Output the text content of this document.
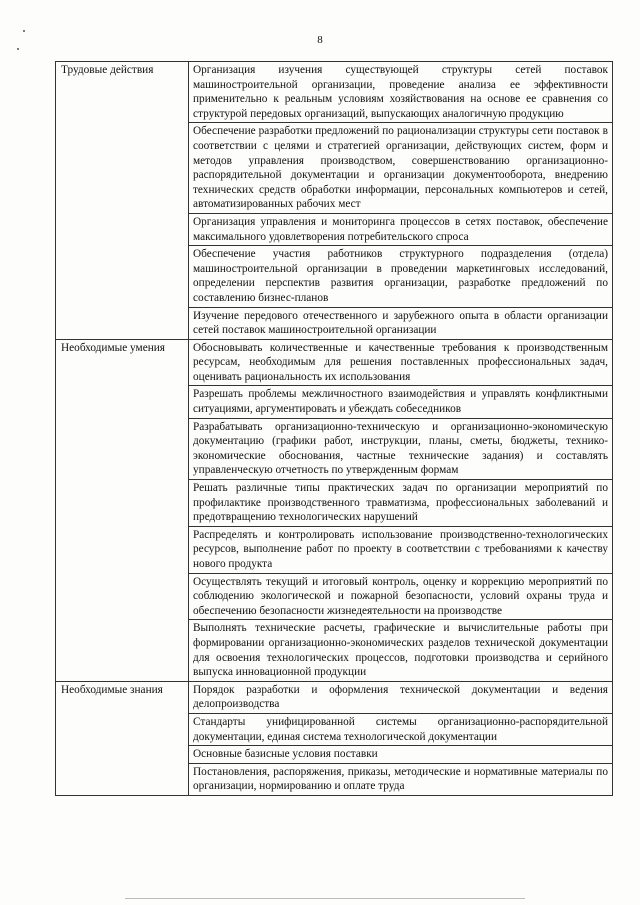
8
Трудовые действия	Организация изучения существующей структуры сетей поставок машиностроительной организации, проведение анализа ее эффективности применительно к реальным условиям хозяйствования на основе ее сравнения со структурой передовых организаций, выпускающих аналогичную продукцию
	Обеспечение разработки предложений по рационализации структуры сети поставок в соответствии с целями и стратегией организации, действующих систем, форм и методов управления производством, совершенствованию организационно-распорядительной документации и организации документооборота, внедрению технических средств обработки информации, персональных компьютеров и сетей, автоматизированных рабочих мест
	Организация управления и мониторинга процессов в сетях поставок, обеспечение максимального удовлетворения потребительского спроса
	Обеспечение участия работников структурного подразделения (отдела) машиностроительной организации в проведении маркетинговых исследований, определении перспектив развития организации, разработке предложений по составлению бизнес-планов
	Изучение передового отечественного и зарубежного опыта в области организации сетей поставок машиностроительной организации
Необходимые умения	Обосновывать количественные и качественные требования к производственным ресурсам, необходимым для решения поставленных профессиональных задач, оценивать рациональность их использования
	Разрешать проблемы межличностного взаимодействия и управлять конфликтными ситуациями, аргументировать и убеждать собеседников
	Разрабатывать организационно-техническую и организационно-экономическую документацию (графики работ, инструкции, планы, сметы, бюджеты, технико-экономические обоснования, частные технические задания) и составлять управленческую отчетность по утвержденным формам
	Решать различные типы практических задач по организации мероприятий по профилактике производственного травматизма, профессиональных заболеваний и предотвращению технологических нарушений
	Распределять и контролировать использование производственно-технологических ресурсов, выполнение работ по проекту в соответствии с требованиями к качеству нового продукта
	Осуществлять текущий и итоговый контроль, оценку и коррекцию мероприятий по соблюдению экологической и пожарной безопасности, условий охраны труда и обеспечению безопасности жизнедеятельности на производстве
	Выполнять технические расчеты, графические и вычислительные работы при формировании организационно-экономических разделов технической документации для освоения технологических процессов, подготовки производства и серийного выпуска инновационной продукции
Необходимые знания	Порядок разработки и оформления технической документации и ведения делопроизводства
	Стандарты унифицированной системы организационно-распорядительной документации, единая система технологической документации
	Основные базисные условия поставки
	Постановления, распоряжения, приказы, методические и нормативные материалы по организации, нормированию и оплате труда
